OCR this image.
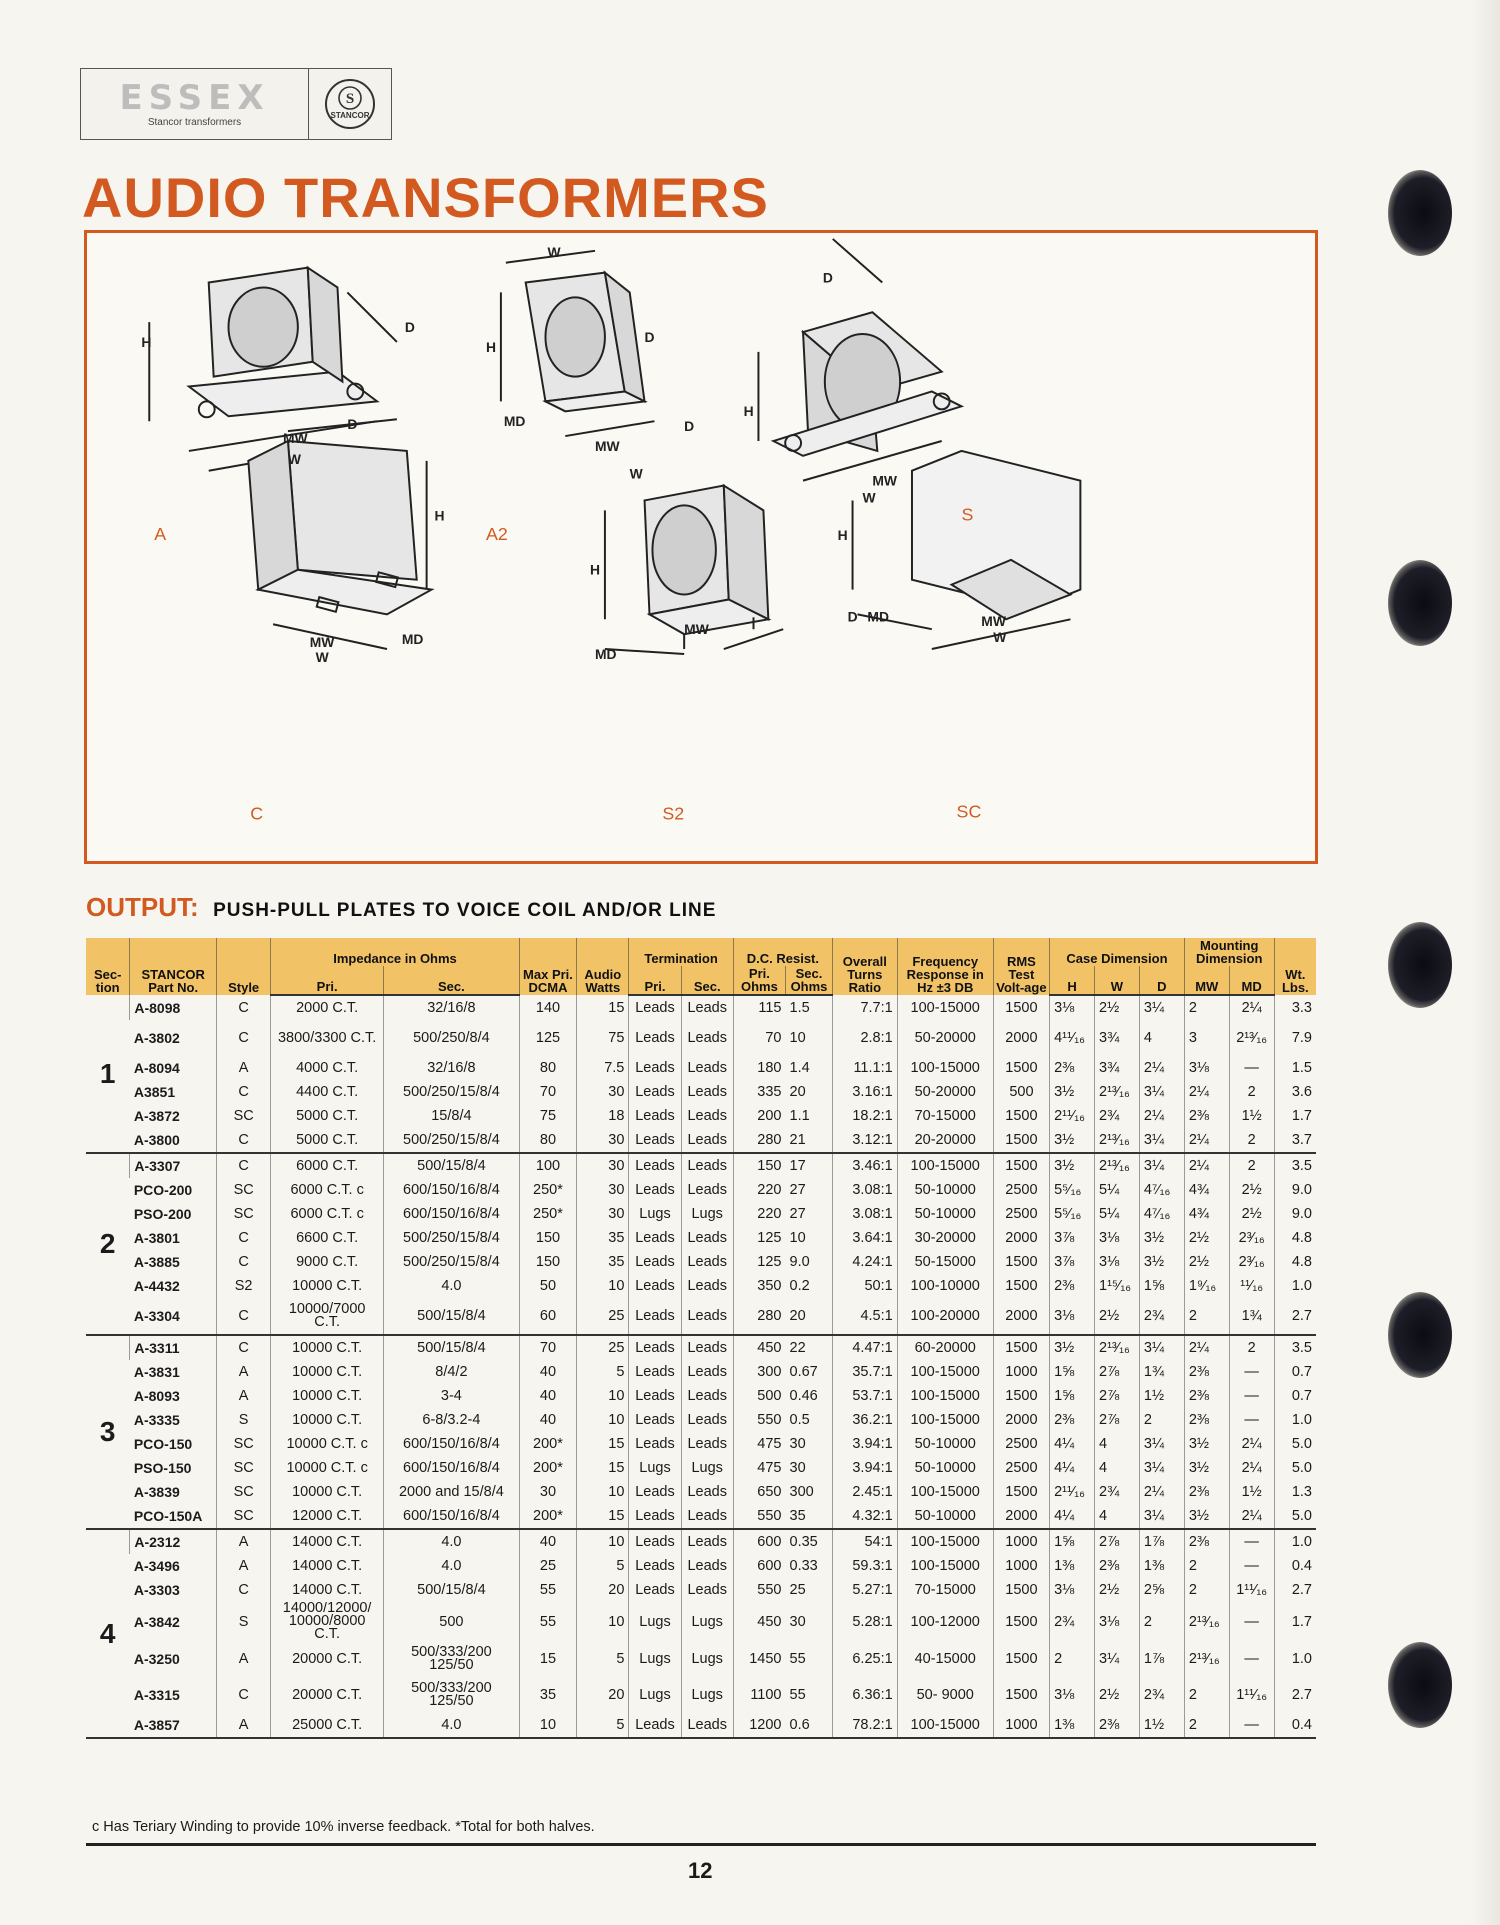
ESSEX
Stancor transformers
S
STANCOR
AUDIO TRANSFORMERS
H
D
MW
W
H
W
D
MD
MW
H
D
MW
W
H
D
MW
W
MD
H
W
D
MD
MW
H
D MD	MW
W
A	A2
S
C	S2	SC
OUTPUT: PUSH-PULL PLATES TO VOICE COIL AND/OR LINE
Sec-tion	STANCOR Part No.	Style	Impedance in Ohms		Max Pri. DCMA	Audio Watts	Termination		D.C. Resist.		Overall Turns Ratio	Frequency Response in Hz ±3 DB	RMS Test Volt-age	Case Dimension			Mounting Dimension		Wt. Lbs.
			Pri.	Sec.			Pri.	Sec.	Pri. Ohms	Sec. Ohms				H	W	D	MW	MD	
1	A-8098	C	2000 C.T.	32/16/8	140	15	Leads	Leads	115	1.5	7.7:1	100-15000	1500	3⅛	2½	3¼	2	2¼	3.3
	A-3802	C	3800/3300 C.T.	500/250/8/4	125	75	Leads	Leads	70	10	2.8:1	50-20000	2000	4¹¹⁄₁₆	3¾	4	3	2¹³⁄₁₆	7.9
	A-8094	A	4000 C.T.	32/16/8	80	7.5	Leads	Leads	180	1.4	11.1:1	100-15000	1500	2⅜	3¾	2¼	3⅛	—	1.5
	A3851	C	4400 C.T.	500/250/15/8/4	70	30	Leads	Leads	335	20	3.16:1	50-20000	500	3½	2¹³⁄₁₆	3¼	2¼	2	3.6
	A-3872	SC	5000 C.T.	15/8/4	75	18	Leads	Leads	200	1.1	18.2:1	70-15000	1500	2¹¹⁄₁₆	2¾	2¼	2⅜	1½	1.7
	A-3800	C	5000 C.T.	500/250/15/8/4	80	30	Leads	Leads	280	21	3.12:1	20-20000	1500	3½	2¹³⁄₁₆	3¼	2¼	2	3.7
2	A-3307	C	6000 C.T.	500/15/8/4	100	30	Leads	Leads	150	17	3.46:1	100-15000	1500	3½	2¹³⁄₁₆	3¼	2¼	2	3.5
	PCO-200	SC	6000 C.T. c	600/150/16/8/4	250*	30	Leads	Leads	220	27	3.08:1	50-10000	2500	5⁵⁄₁₆	5¼	4⁷⁄₁₆	4¾	2½	9.0
	PSO-200	SC	6000 C.T. c	600/150/16/8/4	250*	30	Lugs	Lugs	220	27	3.08:1	50-10000	2500	5⁵⁄₁₆	5¼	4⁷⁄₁₆	4¾	2½	9.0
	A-3801	C	6600 C.T.	500/250/15/8/4	150	35	Leads	Leads	125	10	3.64:1	30-20000	2000	3⅞	3⅛	3½	2½	2³⁄₁₆	4.8
	A-3885	C	9000 C.T.	500/250/15/8/4	150	35	Leads	Leads	125	9.0	4.24:1	50-15000	1500	3⅞	3⅛	3½	2½	2³⁄₁₆	4.8
	A-4432	S2	10000 C.T.	4.0	50	10	Leads	Leads	350	0.2	50:1	100-10000	1500	2⅜	1¹⁵⁄₁₆	1⅝	1⁹⁄₁₆	¹¹⁄₁₆	1.0
	A-3304	C	10000/7000 C.T.	500/15/8/4	60	25	Leads	Leads	280	20	4.5:1	100-20000	2000	3⅛	2½	2¾	2	1¾	2.7
3	A-3311	C	10000 C.T.	500/15/8/4	70	25	Leads	Leads	450	22	4.47:1	60-20000	1500	3½	2¹³⁄₁₆	3¼	2¼	2	3.5
	A-3831	A	10000 C.T.	8/4/2	40	5	Leads	Leads	300	0.67	35.7:1	100-15000	1000	1⅝	2⅞	1¾	2⅜	—	0.7
	A-8093	A	10000 C.T.	3-4	40	10	Leads	Leads	500	0.46	53.7:1	100-15000	1500	1⅝	2⅞	1½	2⅜	—	0.7
	A-3335	S	10000 C.T.	6-8/3.2-4	40	10	Leads	Leads	550	0.5	36.2:1	100-15000	2000	2⅜	2⅞	2	2⅜	—	1.0
	PCO-150	SC	10000 C.T. c	600/150/16/8/4	200*	15	Leads	Leads	475	30	3.94:1	50-10000	2500	4¼	4	3¼	3½	2¼	5.0
	PSO-150	SC	10000 C.T. c	600/150/16/8/4	200*	15	Lugs	Lugs	475	30	3.94:1	50-10000	2500	4¼	4	3¼	3½	2¼	5.0
	A-3839	SC	10000 C.T.	2000 and 15/8/4	30	10	Leads	Leads	650	300	2.45:1	100-15000	1500	2¹¹⁄₁₆	2¾	2¼	2⅜	1½	1.3
	PCO-150A	SC	12000 C.T.	600/150/16/8/4	200*	15	Leads	Leads	550	35	4.32:1	50-10000	2000	4¼	4	3¼	3½	2¼	5.0
4	A-2312	A	14000 C.T.	4.0	40	10	Leads	Leads	600	0.35	54:1	100-15000	1000	1⅝	2⅞	1⅞	2⅜	—	1.0
	A-3496	A	14000 C.T.	4.0	25	5	Leads	Leads	600	0.33	59.3:1	100-15000	1000	1⅜	2⅜	1⅜	2	—	0.4
	A-3303	C	14000 C.T.	500/15/8/4	55	20	Leads	Leads	550	25	5.27:1	70-15000	1500	3⅛	2½	2⅝	2	1¹¹⁄₁₆	2.7
	A-3842	S	14000/12000/ 10000/8000 C.T.	500	55	10	Lugs	Lugs	450	30	5.28:1	100-12000	1500	2¾	3⅛	2	2¹³⁄₁₆	—	1.7
	A-3250	A	20000 C.T.	500/333/200 125/50	15	5	Lugs	Lugs	1450	55	6.25:1	40-15000	1500	2	3¼	1⅞	2¹³⁄₁₆	—	1.0
	A-3315	C	20000 C.T.	500/333/200 125/50	35	20	Lugs	Lugs	1100	55	6.36:1	50- 9000	1500	3⅛	2½	2¾	2	1¹¹⁄₁₆	2.7
	A-3857	A	25000 C.T.	4.0	10	5	Leads	Leads	1200	0.6	78.2:1	100-15000	1000	1⅜	2⅜	1½	2	—	0.4
c Has Teriary Winding to provide 10% inverse feedback. *Total for both halves.
12
